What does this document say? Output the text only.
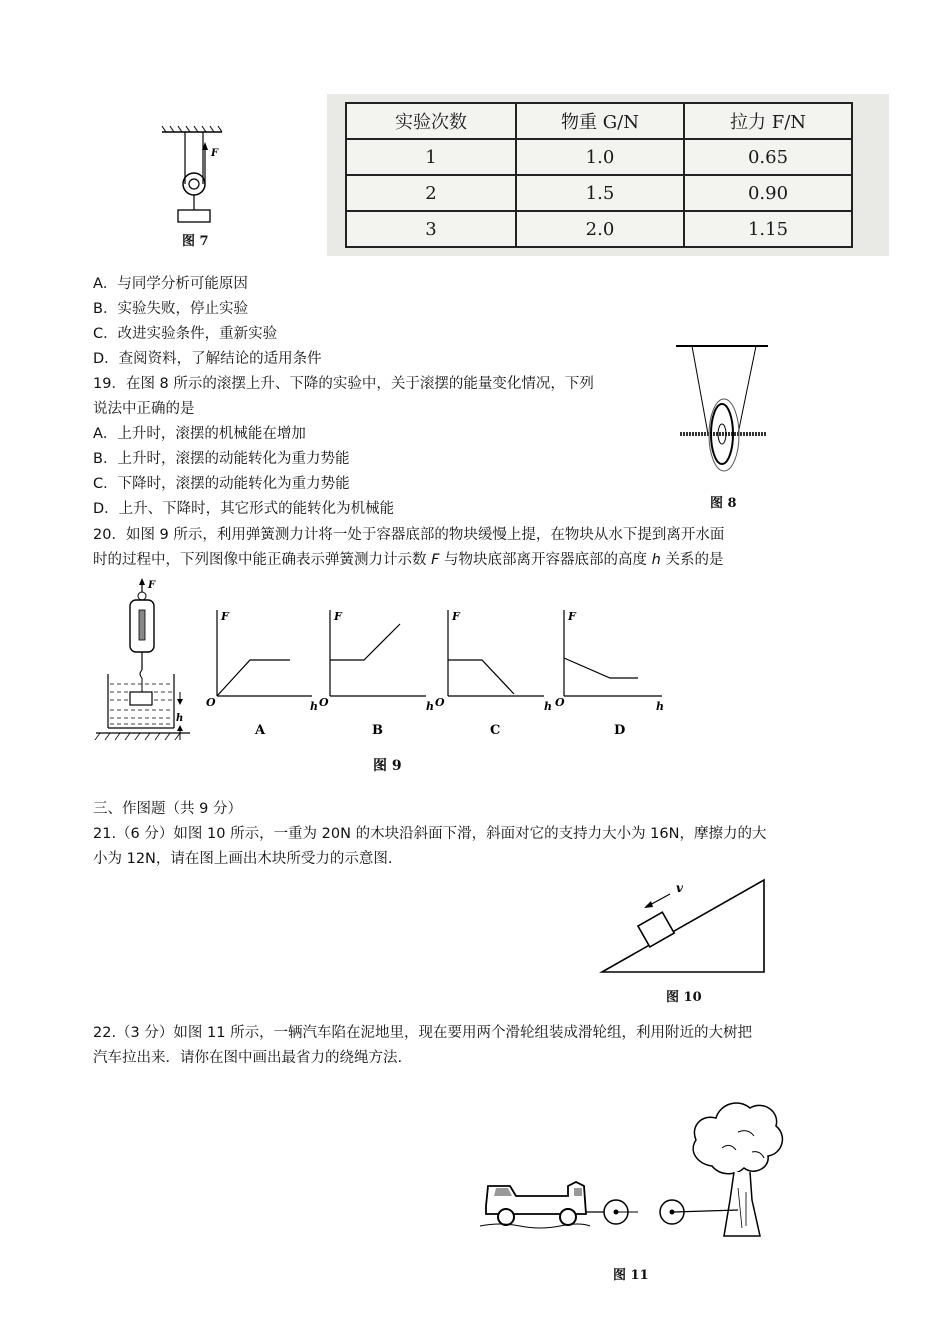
F
图 7
实验次数	物重 G/N	拉力 F/N
1	1.0	0.65
2	1.5	0.90
3	2.0	1.15
A．与同学分析可能原因
B．实验失败，停止实验
C．改进实验条件，重新实验
D．查阅资料，了解结论的适用条件
19．在图 8 所示的滚摆上升、下降的实验中，关于滚摆的能量变化情况，下列
说法中正确的是
A．上升时，滚摆的机械能在增加
B．上升时，滚摆的动能转化为重力势能
C．下降时，滚摆的动能转化为重力势能
D．上升、下降时，其它形式的能转化为机械能	图 8
20．如图 9 所示，利用弹簧测力计将一处于容器底部的物块缓慢上提，在物块从水下提到离开水面
时的过程中，下列图像中能正确表示弹簧测力计示数 F 与物块底部离开容器底部的高度 h 关系的是
F
h
F
O	h
A
F
O	h
B
F
O	h
C
F
O	h
D
图 9
三、作图题（共 9 分）
21.（6 分）如图 10 所示，一重为 20N 的木块沿斜面下滑，斜面对它的支持力大小为 16N，摩擦力的大
小为 12N，请在图上画出木块所受力的示意图.
v
图 10
22.（3 分）如图 11 所示，一辆汽车陷在泥地里，现在要用两个滑轮组装成滑轮组，利用附近的大树把
汽车拉出来．请你在图中画出最省力的绕绳方法.
图 11
